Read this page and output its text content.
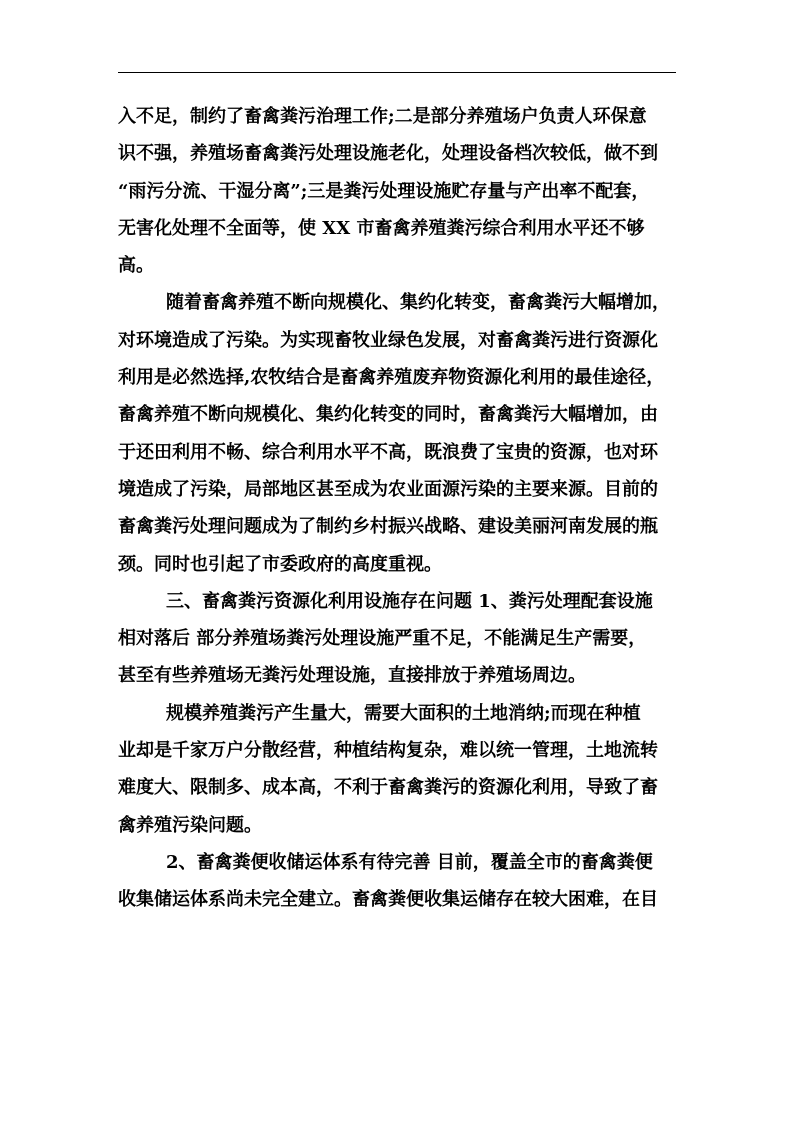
入不足，制约了畜禽粪污治理工作;二是部分养殖场户负责人环保意
识不强，养殖场畜禽粪污处理设施老化，处理设备档次较低，做不到
“雨污分流、干湿分离”;三是粪污处理设施贮存量与产出率不配套，
无害化处理不全面等，使 XX 市畜禽养殖粪污综合利用水平还不够
高。
随着畜禽养殖不断向规模化、集约化转变，畜禽粪污大幅增加，
对环境造成了污染。为实现畜牧业绿色发展，对畜禽粪污进行资源化
利用是必然选择,农牧结合是畜禽养殖废弃物资源化利用的最佳途径，
畜禽养殖不断向规模化、集约化转变的同时，畜禽粪污大幅增加，由
于还田利用不畅、综合利用水平不高，既浪费了宝贵的资源，也对环
境造成了污染，局部地区甚至成为农业面源污染的主要来源。目前的
畜禽粪污处理问题成为了制约乡村振兴战略、建设美丽河南发展的瓶
颈。同时也引起了市委政府的高度重视。
三、畜禽粪污资源化利用设施存在问题 1、粪污处理配套设施
相对落后 部分养殖场粪污处理设施严重不足，不能满足生产需要，
甚至有些养殖场无粪污处理设施，直接排放于养殖场周边。
规模养殖粪污产生量大，需要大面积的土地消纳;而现在种植
业却是千家万户分散经营，种植结构复杂，难以统一管理，土地流转
难度大、限制多、成本高，不利于畜禽粪污的资源化利用，导致了畜
禽养殖污染问题。
2、畜禽粪便收储运体系有待完善 目前，覆盖全市的畜禽粪便
收集储运体系尚未完全建立。畜禽粪便收集运储存在较大困难，在目
